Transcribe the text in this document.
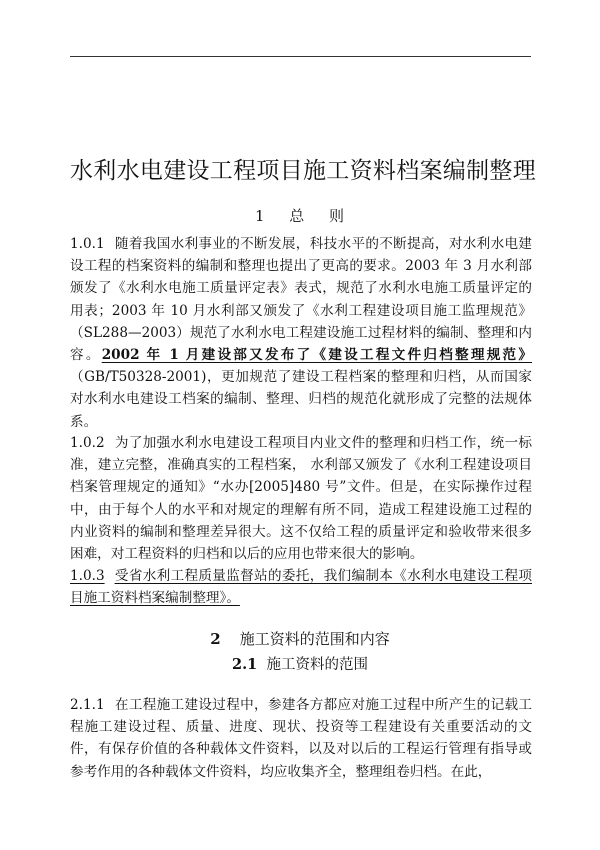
水利水电建设工程项目施工资料档案编制整理
1 总 则
1.0.1 随着我国水利事业的不断发展，科技水平的不断提高，对水利水电建设工程的档案资料的编制和整理也提出了更高的要求。2003 年 3 月水利部颁发了《水利水电施工质量评定表》表式，规范了水利水电施工质量评定的用表；2003 年 10 月水利部又颁发了《水利工程建设项目施工监理规范》（SL288—2003）规范了水利水电工程建设施工过程材料的编制、整理和内容。2002 年 1 月建设部又发布了《建设工程文件归档整理规范》（GB/T50328-2001)，更加规范了建设工程档案的整理和归档，从而国家对水利水电建设工档案的编制、整理、归档的规范化就形成了完整的法规体系。
1.0.2 为了加强水利水电建设工程项目内业文件的整理和归档工作，统一标准，建立完整，准确真实的工程档案， 水利部又颁发了《水利工程建设项目档案管理规定的通知》“水办[2005]480 号”文件。但是，在实际操作过程中，由于每个人的水平和对规定的理解有所不同，造成工程建设施工过程的内业资料的编制和整理差异很大。这不仅给工程的质量评定和验收带来很多困难，对工程资料的归档和以后的应用也带来很大的影响。
1.0.3 受省水利工程质量监督站的委托，我们编制本《水利水电建设工程项目施工资料档案编制整理》。
2 施工资料的范围和内容
2.1 施工资料的范围
2.1.1 在工程施工建设过程中，参建各方都应对施工过程中所产生的记载工程施工建设过程、质量、进度、现状、投资等工程建设有关重要活动的文件，有保存价值的各种载体文件资料，以及对以后的工程运行管理有指导或参考作用的各种载体文件资料，均应收集齐全，整理组卷归档。在此，
